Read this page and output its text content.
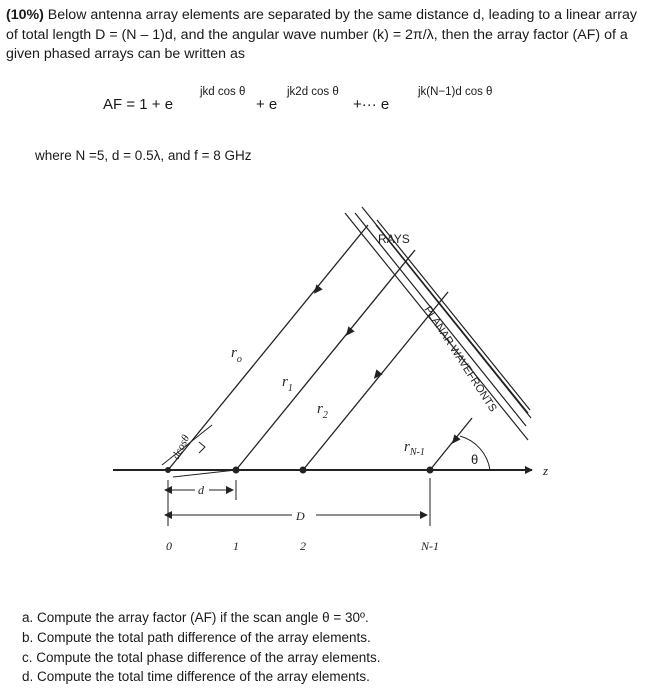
(10%) Below antenna array elements are separated by the same distance d, leading to a linear array of total length D = (N – 1)d, and the angular wave number (k) = 2π/λ, then the array factor (AF) of a given phased arrays can be written as
AF = 1 + e
jkd cos θ
+ e
jk2d cos θ
+··· e
jk(N−1)d cos θ
where N =5, d = 0.5λ, and f = 8 GHz
z
dcosθ	θ
$r_o$
$r_1$
$r_2$
$r_{N-1}$
RAYS
PLANAR WAVEFRONTS
d
D
0	1	2	N-1
a. Compute the array factor (AF) if the scan angle θ = 30º.
b. Compute the total path difference of the array elements.
c. Compute the total phase difference of the array elements.
d. Compute the total time difference of the array elements.
